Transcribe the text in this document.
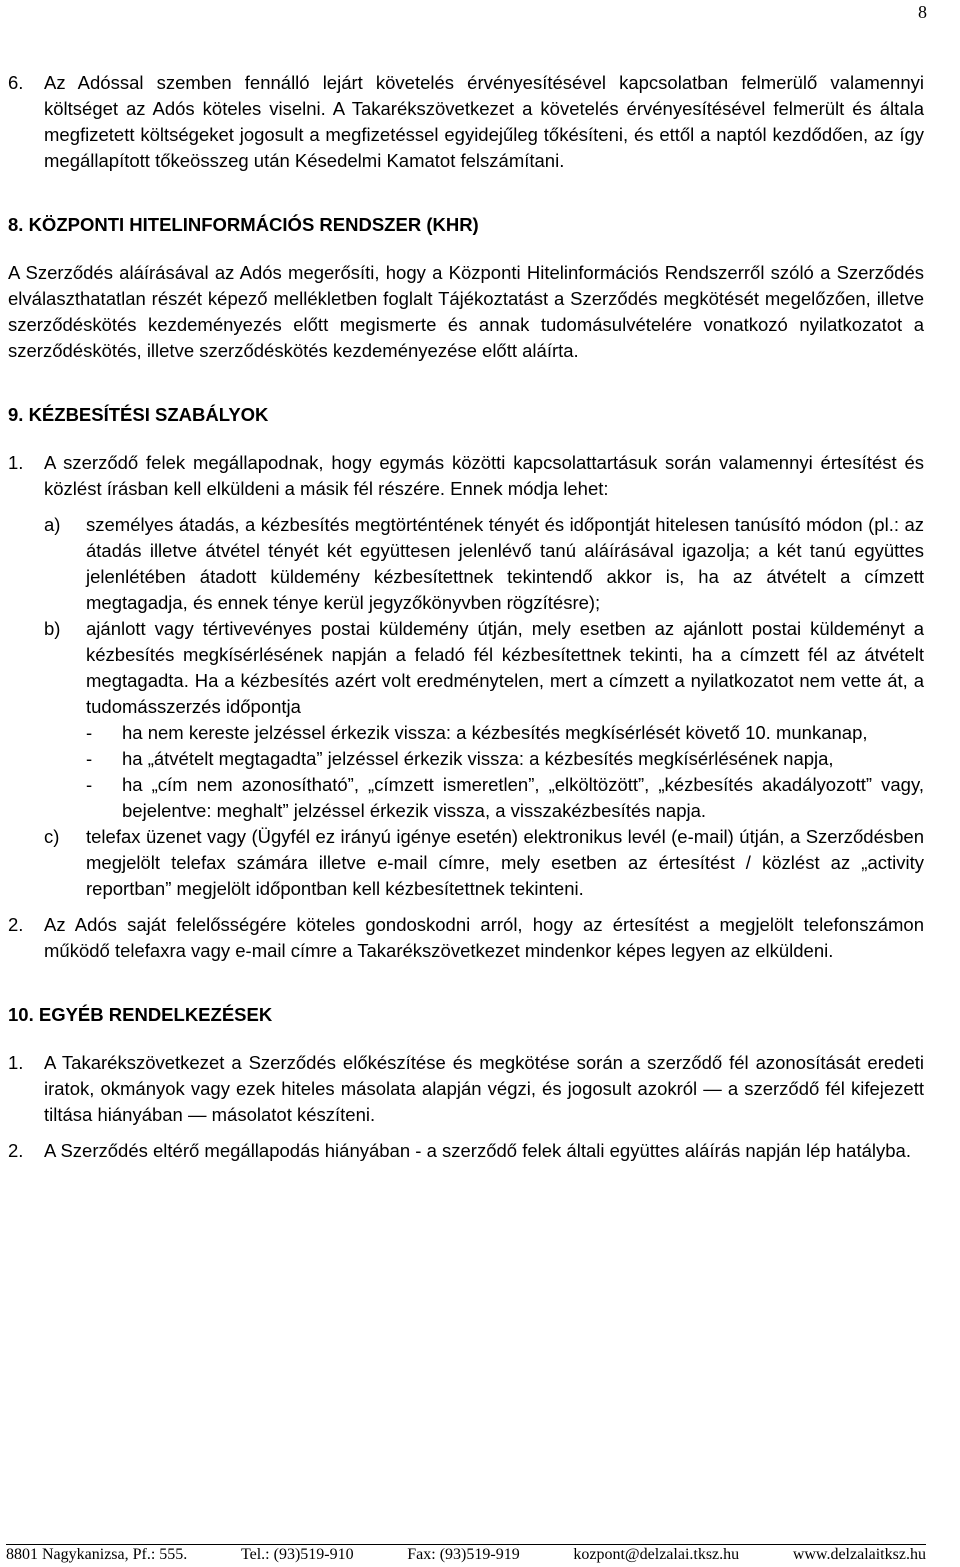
8
6.	Az Adóssal szemben fennálló lejárt követelés érvényesítésével kapcsolatban felmerülő valamennyi költséget az Adós köteles viselni. A Takarékszövetkezet a követelés érvényesítésével felmerült és általa megfizetett költségeket jogosult a megfizetéssel egyidejűleg tőkésíteni, és ettől a naptól kezdődően, az így megállapított tőkeösszeg után Késedelmi Kamatot felszámítani.
8. KÖZPONTI HITELINFORMÁCIÓS RENDSZER (KHR)

A Szerződés aláírásával az Adós megerősíti, hogy a Központi Hitelinformációs Rendszerről szóló a Szerződés elválaszthatatlan részét képező mellékletben foglalt Tájékoztatást a Szerződés megkötését megelőzően, illetve szerződéskötés kezdeményezés előtt megismerte és annak tudomásulvételére vonatkozó nyilatkozatot a szerződéskötés, illetve szerződéskötés kezdeményezése előtt aláírta.

9. KÉZBESÍTÉSI SZABÁLYOK
1.	A szerződő felek megállapodnak, hogy egymás közötti kapcsolattartásuk során valamennyi értesítést és közlést írásban kell elküldeni a másik fél részére. Ennek módja lehet:
a)	személyes átadás, a kézbesítés megtörténtének tényét és időpontját hitelesen tanúsító módon (pl.: az átadás illetve átvétel tényét két együttesen jelenlévő tanú aláírásával igazolja; a két tanú együttes jelenlétében átadott küldemény kézbesítettnek tekintendő akkor is, ha az átvételt a címzett megtagadja, és ennek ténye kerül jegyzőkönyvben rögzítésre);
b)	ajánlott vagy tértivevényes postai küldemény útján, mely esetben az ajánlott postai küldeményt a kézbesítés megkísérlésének napján a feladó fél kézbesítettnek tekinti, ha a címzett fél az átvételt megtagadta. Ha a kézbesítés azért volt eredménytelen, mert a címzett a nyilatkozatot nem vette át, a tudomásszerzés időpontja
-	ha nem kereste jelzéssel érkezik vissza: a kézbesítés megkísérlését követő 10. munkanap,
-	ha „átvételt megtagadta” jelzéssel érkezik vissza: a kézbesítés megkísérlésének napja,
-	ha „cím nem azonosítható”, „címzett ismeretlen”, „elköltözött”, „kézbesítés akadályozott” vagy, bejelentve: meghalt” jelzéssel érkezik vissza, a visszakézbesítés napja.
c)	telefax üzenet vagy (Ügyfél ez irányú igénye esetén) elektronikus levél (e-mail) útján, a Szerződésben megjelölt telefax számára illetve e-mail címre, mely esetben az értesítést / közlést az „activity reportban” megjelölt időpontban kell kézbesítettnek tekinteni.
2.	Az Adós saját felelősségére köteles gondoskodni arról, hogy az értesítést a megjelölt telefonszámon működő telefaxra vagy e-mail címre a Takarékszövetkezet mindenkor képes legyen az elküldeni.
10. EGYÉB RENDELKEZÉSEK
1.	A Takarékszövetkezet a Szerződés előkészítése és megkötése során a szerződő fél azonosítását eredeti iratok, okmányok vagy ezek hiteles másolata alapján végzi, és jogosult azokról ― a szerződő fél kifejezett tiltása hiányában ― másolatot készíteni.
2.	A Szerződés eltérő megállapodás hiányában - a szerződő felek általi együttes aláírás napján lép hatályba.
8801 Nagykanizsa, Pf.: 555.	Tel.: (93)519-910	Fax: (93)519-919	kozpont@delzalai.tksz.hu	www.delzalaitksz.hu
